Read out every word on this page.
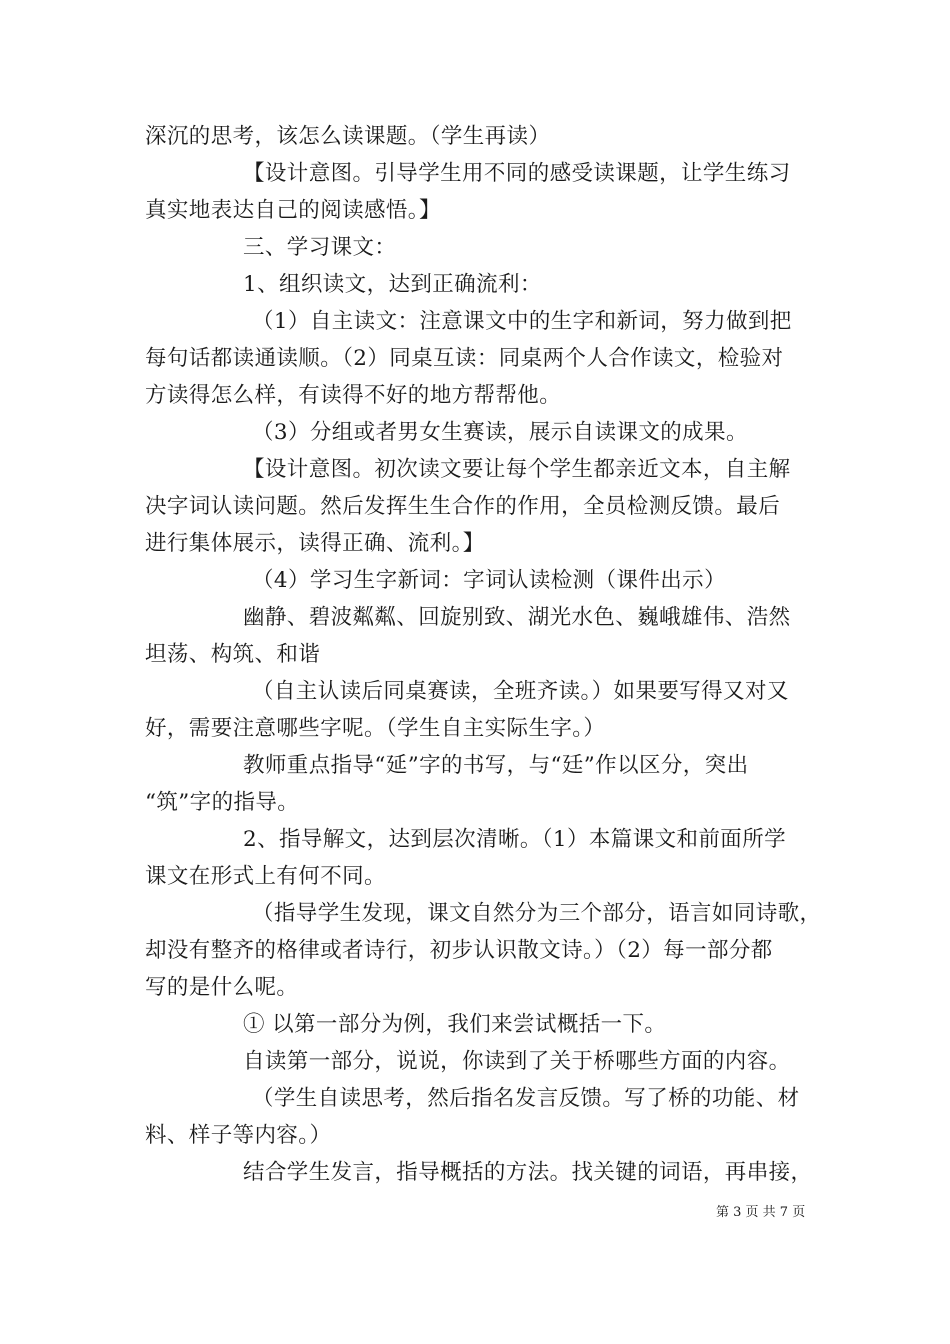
深沉的思考，该怎么读课题。（学生再读）
【设计意图。引导学生用不同的感受读课题，让学生练习
真实地表达自己的阅读感悟。】
三、学习课文：
1、组织读文，达到正确流利：
（1）自主读文：注意课文中的生字和新词，努力做到把
每句话都读通读顺。（2）同桌互读：同桌两个人合作读文，检验对
方读得怎么样，有读得不好的地方帮帮他。
（3）分组或者男女生赛读，展示自读课文的成果。
【设计意图。初次读文要让每个学生都亲近文本，自主解
决字词认读问题。然后发挥生生合作的作用，全员检测反馈。最后
进行集体展示，读得正确、流利。】
（4）学习生字新词：字词认读检测（课件出示）
幽静、碧波粼粼、回旋别致、湖光水色、巍峨雄伟、浩然
坦荡、构筑、和谐
（自主认读后同桌赛读，全班齐读。）如果要写得又对又
好，需要注意哪些字呢。（学生自主实际生字。）
教师重点指导“延”字的书写，与“廷”作以区分，突出
“筑”字的指导。
2、指导解文，达到层次清晰。（1）本篇课文和前面所学
课文在形式上有何不同。
（指导学生发现，课文自然分为三个部分，语言如同诗歌，
却没有整齐的格律或者诗行，初步认识散文诗。）（2）每一部分都
写的是什么呢。
① 以第一部分为例，我们来尝试概括一下。
自读第一部分，说说，你读到了关于桥哪些方面的内容。
（学生自读思考，然后指名发言反馈。写了桥的功能、材
料、样子等内容。）
结合学生发言，指导概括的方法。找关键的词语，再串接，
第 3 页 共 7 页
